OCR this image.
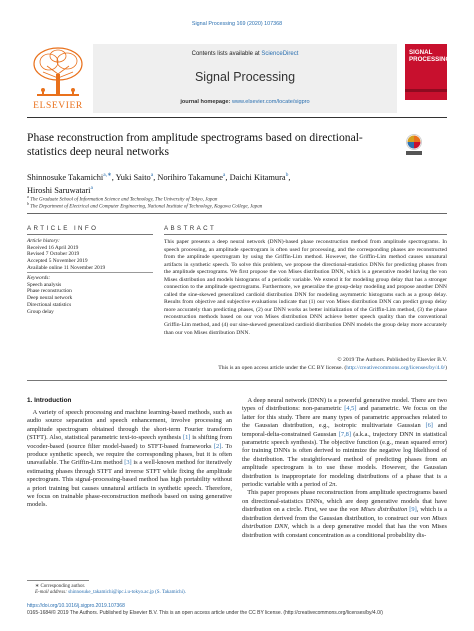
Signal Processing 169 (2020) 107368
ELSEVIER
Contents lists available at ScienceDirect
Signal Processing
journal homepage: www.elsevier.com/locate/sigpro
SIGNAL
PROCESSING
Phase reconstruction from amplitude spectrograms based on directional-statistics deep neural networks
Shinnosuke Takamichi$^{a,∗}$, Yuki Saito$^a$, Norihiro Takamune$^a$, Daichi Kitamura$^b$,
Hiroshi Saruwatari$^a$
$^a$ The Graduate School of Information Science and Technology, The University of Tokyo, Japan
$^b$ The Department of Electrical and Computer Engineering, National Institute of Technology, Kagawa College, Japan
ARTICLE INFO	ABSTRACT
Article history:
Received 16 April 2019
Revised 7 October 2019
Accepted 5 November 2019
Available online 11 November 2019
Keywords:
Speech analysis
Phase reconstruction
Deep neural network
Directional statistics
Group delay
This paper presents a deep neural network (DNN)-based phase reconstruction method from amplitude spectrograms. In speech processing, an amplitude spectrogram is often used for processing, and the corresponding phases are reconstructed from the amplitude spectrogram by using the Griffin-Lim method. However, the Griffin-Lim method causes unnatural artifacts in synthetic speech. To solve this problem, we propose the directional-statistics DNNs for predicting phases from the amplitude spectrograms. We first propose the von Mises distribution DNN, which is a generative model having the von Mises distribution and models histograms of a periodic variable. We extend it for modeling group delay that has a stronger connection to the amplitude spectrograms. Furthermore, we generalize the group-delay modeling and propose another DNN called the sine-skewed generalized cardioid distribution DNN for modeling asymmetric histograms such as a group delay. Results from objective and subjective evaluations indicate that (1) our von Mises distribution DNN can predict group delay more accurately than predicting phases, (2) our DNN works as better initialization of the Griffin-Lim method, (3) the phase reconstruction methods based on our von Mises distribution DNN achieve better speech quality than the conventional Griffin-Lim method, and (4) our sine-skewed generalized cardioid distribution DNN models the group delay more accurately than our von Mises distribution DNN.
© 2019 The Authors. Published by Elsevier B.V.
This is an open access article under the CC BY license. (http://creativecommons.org/licenses/by/4.0/)
1. Introduction
A variety of speech processing and machine learning-based methods, such as audio source separation and speech enhancement, involve processing an amplitude spectrogram obtained through the short-term Fourier transform (STFT). Also, statistical parametric text-to-speech synthesis [1] is shifting from vocoder-based (source filter model-based) to STFT-based frameworks [2]. To produce synthetic speech, we require the corresponding phases, but it is often unavailable. The Griffin-Lim method [3] is a well-known method for iteratively estimating phases through STFT and inverse STFT while fixing the amplitude spectrogram. This signal-processing-based method has high portability without a priori training but causes unnatural artifacts in synthetic speech. Therefore, we focus on trainable phase-reconstruction methods based on using generative models.
A deep neural network (DNN) is a powerful generative model. There are two types of distributions: non-parametric [4,5] and parametric. We focus on the latter for this study. There are many types of parametric approaches related to the Gaussian distribution, e.g., isotropic multivariate Gaussian [6] and temporal-delta-constrained Gaussian [7,8] (a.k.a., trajectory DNN in statistical parametric speech synthesis). The objective function (e.g., mean squared error) for training DNNs is often derived to minimize the negative log likelihood of the distribution. The straightforward method of predicting phases from an amplitude spectrogram is to use these models. However, the Gaussian distribution is inappropriate for modeling distributions of a phase that is a periodic variable with a period of 2π.
This paper proposes phase reconstruction from amplitude spectrograms based on directional-statistics DNNs, which are deep generative models that have distribution on a circle. First, we use the von Mises distribution [9], which is a distribution derived from the Gaussian distribution, to construct our von Mises distribution DNN, which is a deep generative model that has the von Mises distribution with constant concentration as a conditional probability dis-
∗ Corresponding author.
E-mail address: shinnosuke_takamichi@ipc.i.u-tokyo.ac.jp (S. Takamichi).
https://doi.org/10.1016/j.sigpro.2019.107368
0165-1684/© 2019 The Authors. Published by Elsevier B.V. This is an open access article under the CC BY license. (http://creativecommons.org/licenses/by/4.0/)
